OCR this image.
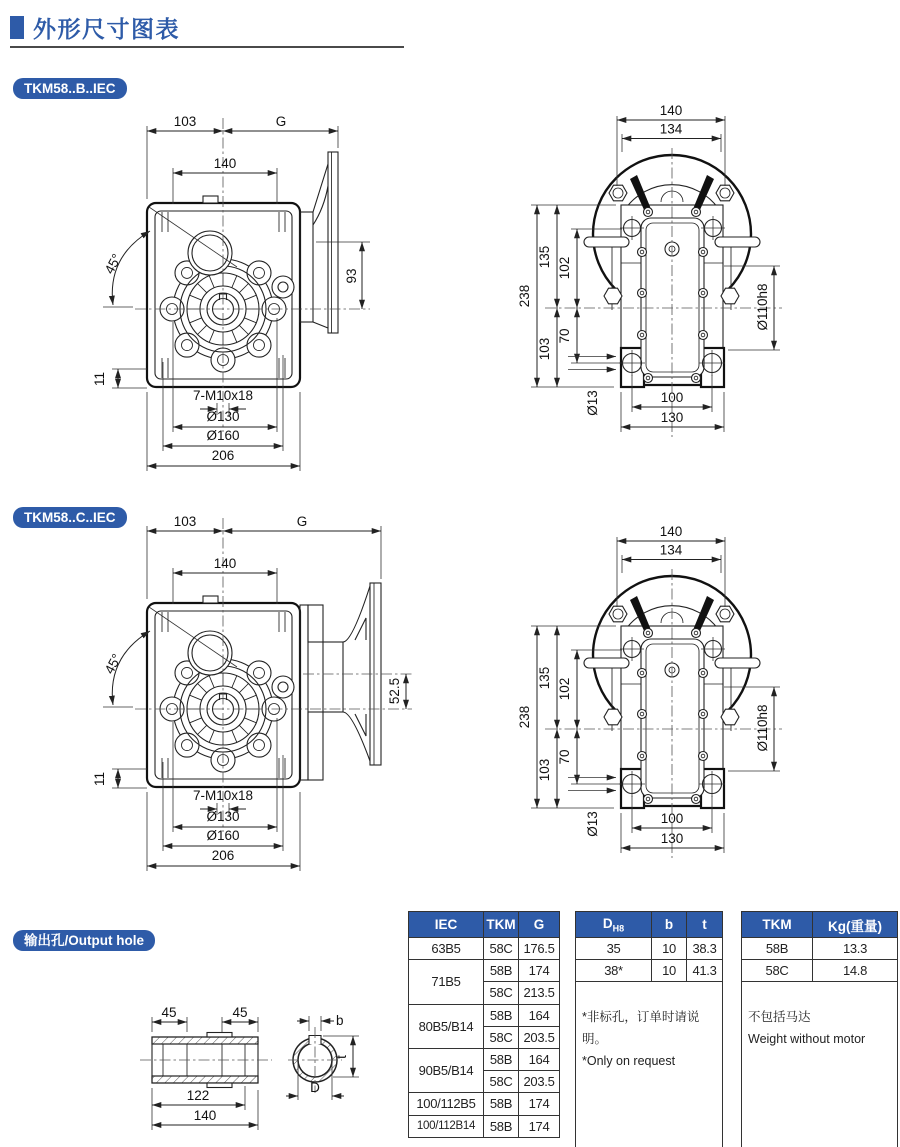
外形尺寸图表
TKM58..B..IEC
TKM58..C..IEC
输出孔/Output hole
103
140
45°
11
7-M10x18
Ø130
Ø160
206
G
93
140
134
238
135 102
70
103
Ø110h8
Ø13	100
130
52.5
G
45	45
122
140
b
t
D
IEC	TKM	G
63B5	58C	176.5
71B5	58B	174
	58C	213.5
80B5/B14	58B	164
	58C	203.5
90B5/B14	58B	164
	58C	203.5
100/112B5	58B	174
100/112B14	58B	174
$D_{H8}$	b	t
35	10	38.3
38*	10	41.3

*非标孔，订单时请说明。
*Only on request		
TKM	Kg(重量)
58B	13.3
58C	14.8

不包括马达
Weight without motor	
